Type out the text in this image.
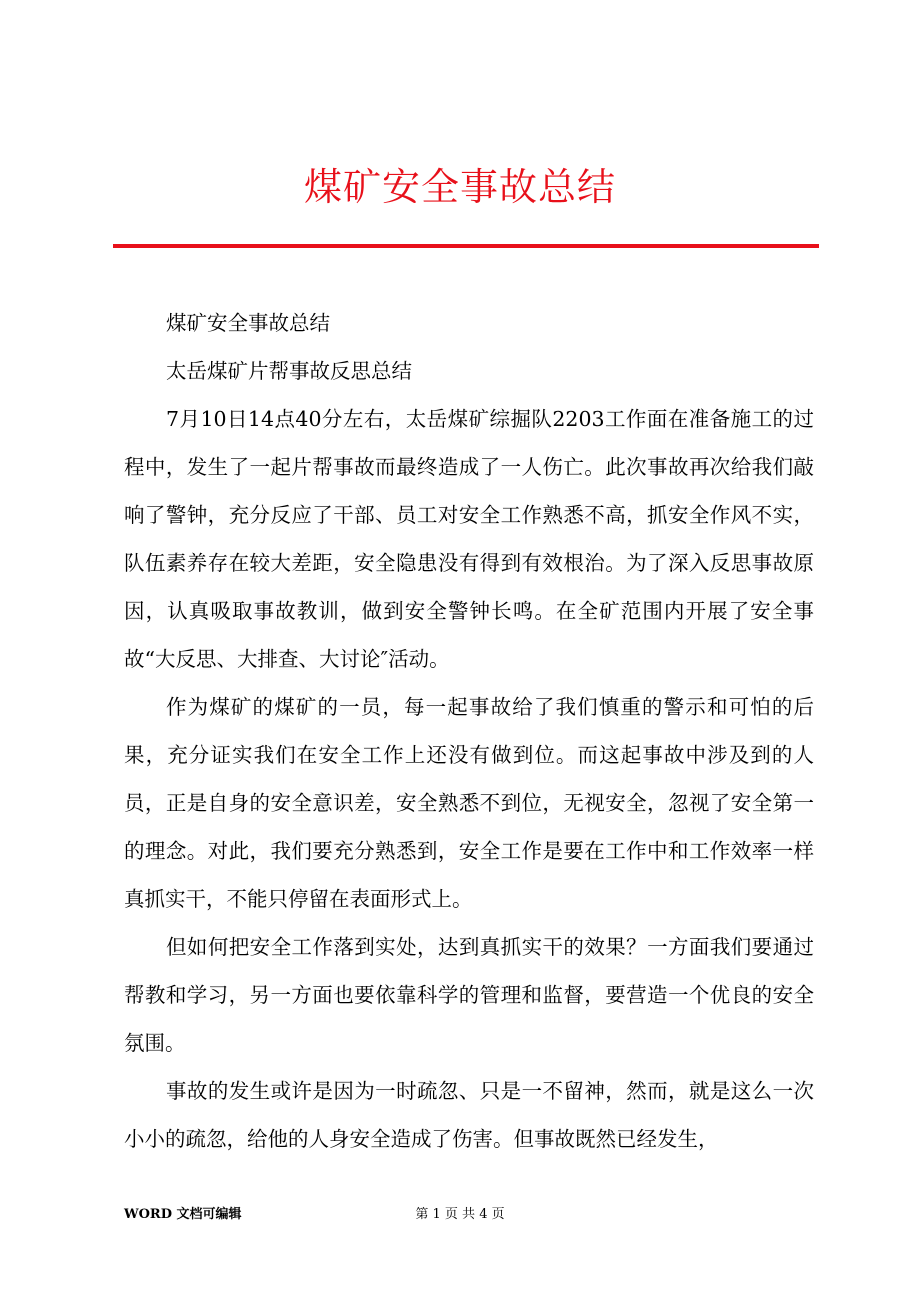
煤矿安全事故总结

煤矿安全事故总结

太岳煤矿片帮事故反思总结

7月10日14点40分左右，太岳煤矿综掘队2203工作面在准备施工的过程中，发生了一起片帮事故而最终造成了一人伤亡。此次事故再次给我们敲响了警钟，充分反应了干部、员工对安全工作熟悉不高，抓安全作风不实，队伍素养存在较大差距，安全隐患没有得到有效根治。为了深入反思事故原因，认真吸取事故教训，做到安全警钟长鸣。在全矿范围内开展了安全事故“大反思、大排查、大讨论″活动。

作为煤矿的煤矿的一员，每一起事故给了我们慎重的警示和可怕的后果，充分证实我们在安全工作上还没有做到位。而这起事故中涉及到的人员，正是自身的安全意识差，安全熟悉不到位，无视安全，忽视了安全第一的理念。对此，我们要充分熟悉到，安全工作是要在工作中和工作效率一样真抓实干，不能只停留在表面形式上。

但如何把安全工作落到实处，达到真抓实干的效果？一方面我们要通过帮教和学习，另一方面也要依靠科学的管理和监督，要营造一个优良的安全氛围。

事故的发生或许是因为一时疏忽、只是一不留神，然而，就是这么一次小小的疏忽，给他的人身安全造成了伤害。但事故既然已经发生，

WORD 文档可编辑	第 1 页 共 4 页
